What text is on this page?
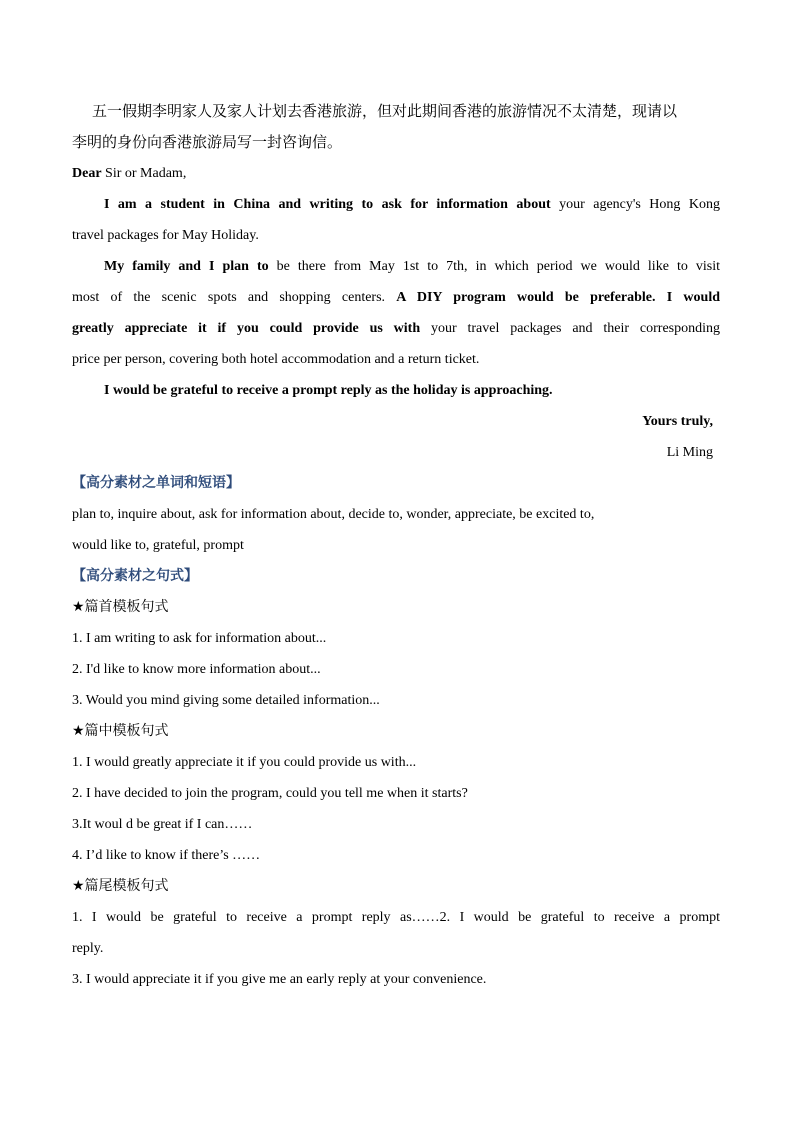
五一假期李明家人及家人计划去香港旅游，但对此期间香港的旅游情况不太清楚，现请以

李明的身份向香港旅游局写一封咨询信。

Dear Sir or Madam,

I am a student in China and writing to ask for information about your agency's Hong Kong

travel packages for May Holiday.

My family and I plan to be there from May 1st to 7th, in which period we would like to visit

most of the scenic spots and shopping centers. A DIY program would be preferable. I would

greatly appreciate it if you could provide us with your travel packages and their corresponding

price per person, covering both hotel accommodation and a return ticket.

I would be grateful to receive a prompt reply as the holiday is approaching.

Yours truly,

Li Ming

【高分素材之单词和短语】

plan to, inquire about, ask for information about, decide to, wonder, appreciate, be excited to,

would like to, grateful, prompt

【高分素材之句式】

★篇首模板句式

1. I am writing to ask for information about...

2. I'd like to know more information about...

3. Would you mind giving some detailed information...

★篇中模板句式

1. I would greatly appreciate it if you could provide us with...

2. I have decided to join the program, could you tell me when it starts?

3.It woul d be great if I can……

4. I’d like to know if there’s ……

★篇尾模板句式

1. I would be grateful to receive a prompt reply as……2. I would be grateful to receive a prompt

reply.

3. I would appreciate it if you give me an early reply at your convenience.
